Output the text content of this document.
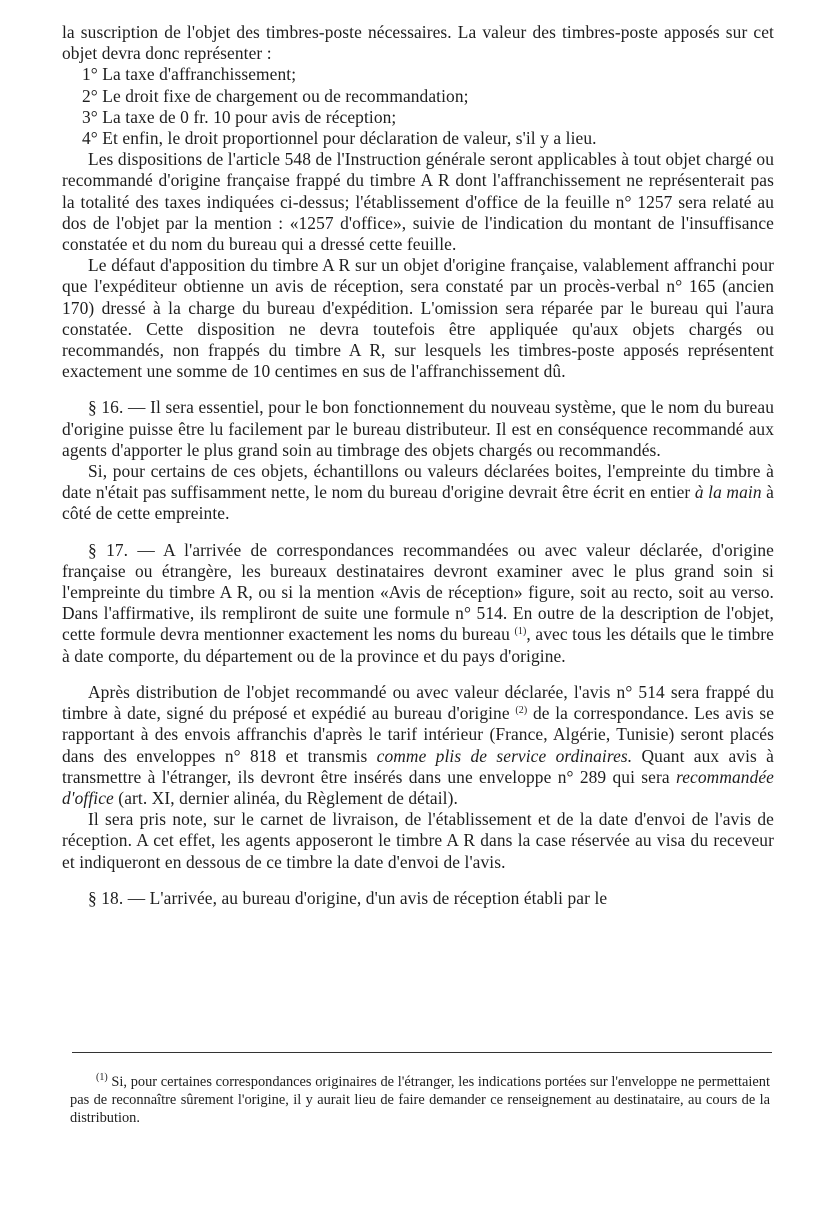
la suscription de l'objet des timbres-poste nécessaires. La valeur des timbres-poste apposés sur cet objet devra donc représenter :

1° La taxe d'affranchissement;

2° Le droit fixe de chargement ou de recommandation;

3° La taxe de 0 fr. 10 pour avis de réception;

4° Et enfin, le droit proportionnel pour déclaration de valeur, s'il y a lieu.

Les dispositions de l'article 548 de l'Instruction générale seront applicables à tout objet chargé ou recommandé d'origine française frappé du timbre A R dont l'affranchissement ne représenterait pas la totalité des taxes indiquées ci-dessus; l'établissement d'office de la feuille n° 1257 sera relaté au dos de l'objet par la mention : «1257 d'office», suivie de l'indication du montant de l'insuffisance constatée et du nom du bureau qui a dressé cette feuille.

Le défaut d'apposition du timbre A R sur un objet d'origine française, valablement affranchi pour que l'expéditeur obtienne un avis de réception, sera constaté par un procès-verbal n° 165 (ancien 170) dressé à la charge du bureau d'expédition. L'omission sera réparée par le bureau qui l'aura constatée. Cette disposition ne devra toutefois être appliquée qu'aux objets chargés ou recommandés, non frappés du timbre A R, sur lesquels les timbres-poste apposés représentent exactement une somme de 10 centimes en sus de l'affranchissement dû.

§ 16. — Il sera essentiel, pour le bon fonctionnement du nouveau système, que le nom du bureau d'origine puisse être lu facilement par le bureau distributeur. Il est en conséquence recommandé aux agents d'apporter le plus grand soin au timbrage des objets chargés ou recommandés.

Si, pour certains de ces objets, échantillons ou valeurs déclarées boites, l'empreinte du timbre à date n'était pas suffisamment nette, le nom du bureau d'origine devrait être écrit en entier à la main à côté de cette empreinte.

§ 17. — A l'arrivée de correspondances recommandées ou avec valeur déclarée, d'origine française ou étrangère, les bureaux destinataires devront examiner avec le plus grand soin si l'empreinte du timbre A R, ou si la mention «Avis de réception» figure, soit au recto, soit au verso. Dans l'affirmative, ils rempliront de suite une formule n° 514. En outre de la description de l'objet, cette formule devra mentionner exactement les noms du bureau $^{(1)}$, avec tous les détails que le timbre à date comporte, du département ou de la province et du pays d'origine.

Après distribution de l'objet recommandé ou avec valeur déclarée, l'avis n° 514 sera frappé du timbre à date, signé du préposé et expédié au bureau d'origine $^{(2)}$ de la correspondance. Les avis se rapportant à des envois affranchis d'après le tarif intérieur (France, Algérie, Tunisie) seront placés dans des enveloppes n° 818 et transmis comme plis de service ordinaires. Quant aux avis à transmettre à l'étranger, ils devront être insérés dans une enveloppe n° 289 qui sera recommandée d'office (art. XI, dernier alinéa, du Règlement de détail).

Il sera pris note, sur le carnet de livraison, de l'établissement et de la date d'envoi de l'avis de réception. A cet effet, les agents apposeront le timbre A R dans la case réservée au visa du receveur et indiqueront en dessous de ce timbre la date d'envoi de l'avis.

§ 18. — L'arrivée, au bureau d'origine, d'un avis de réception établi par le

$^{(1)}$ Si, pour certaines correspondances originaires de l'étranger, les indications portées sur l'enveloppe ne permettaient pas de reconnaître sûrement l'origine, il y aurait lieu de faire demander ce renseignement au destinataire, au cours de la distribution.
